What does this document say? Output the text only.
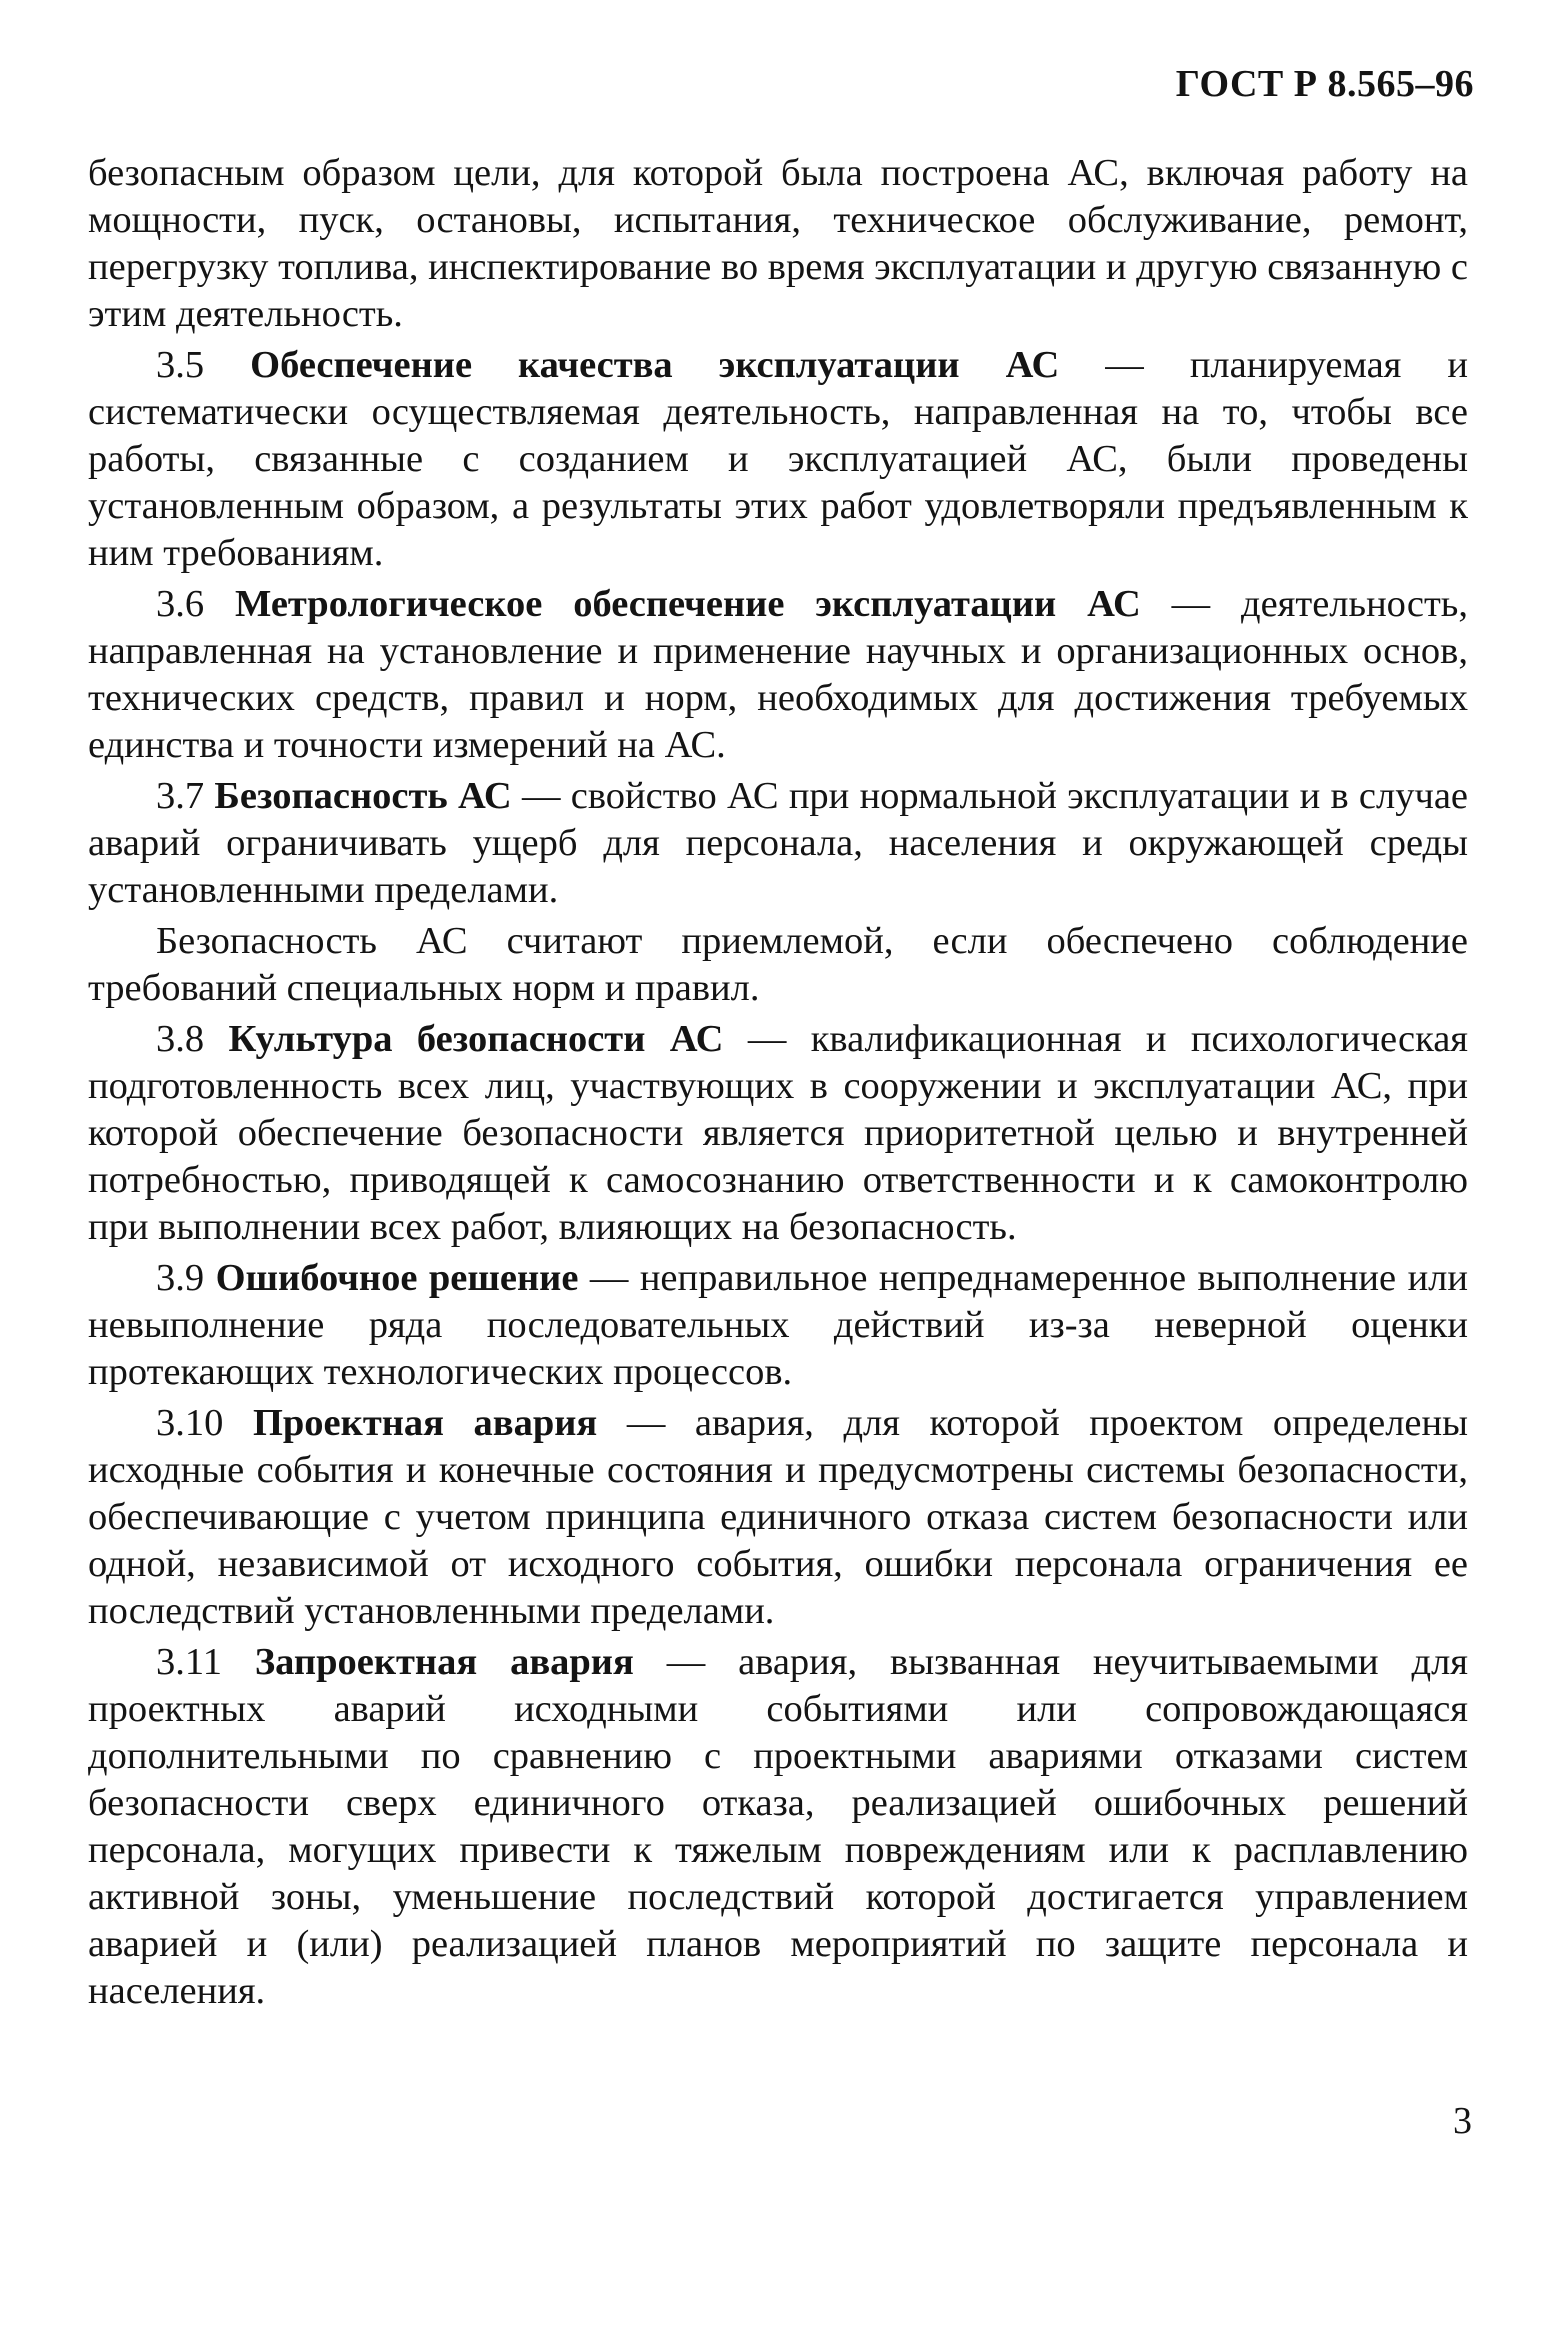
ГОСТ Р 8.565–96

безопасным образом цели, для которой была построена АС, включая работу на мощности, пуск, остановы, испытания, техническое обслуживание, ремонт, перегрузку топлива, инспектирование во время эксплуатации и другую связанную с этим деятельность.

3.5 Обеспечение качества эксплуатации АС — планируемая и систематически осуществляемая деятельность, направленная на то, чтобы все работы, связанные с созданием и эксплуатацией АС, были проведены установленным образом, а результаты этих работ удовлетворяли предъявленным к ним требованиям.

3.6 Метрологическое обеспечение эксплуатации АС — деятельность, направленная на установление и применение научных и организационных основ, технических средств, правил и норм, необходимых для достижения требуемых единства и точности измерений на АС.

3.7 Безопасность АС — свойство АС при нормальной эксплуатации и в случае аварий ограничивать ущерб для персонала, населения и окружающей среды установленными пределами.

Безопасность АС считают приемлемой, если обеспечено соблюдение требований специальных норм и правил.

3.8 Культура безопасности АС — квалификационная и психологическая подготовленность всех лиц, участвующих в сооружении и эксплуатации АС, при которой обеспечение безопасности является приоритетной целью и внутренней потребностью, приводящей к самосознанию ответственности и к самоконтролю при выполнении всех работ, влияющих на безопасность.

3.9 Ошибочное решение — неправильное непреднамеренное выполнение или невыполнение ряда последовательных действий из-за неверной оценки протекающих технологических процессов.

3.10 Проектная авария — авария, для которой проектом определены исходные события и конечные состояния и предусмотрены системы безопасности, обеспечивающие с учетом принципа единичного отказа систем безопасности или одной, независимой от исходного события, ошибки персонала ограничения ее последствий установленными пределами.

3.11 Запроектная авария — авария, вызванная неучитываемыми для проектных аварий исходными событиями или сопровождающаяся дополнительными по сравнению с проектными авариями отказами систем безопасности сверх единичного отказа, реализацией ошибочных решений персонала, могущих привести к тяжелым повреждениям или к расплавлению активной зоны, уменьшение последствий которой достигается управлением аварией и (или) реализацией планов мероприятий по защите персонала и населения.

3
